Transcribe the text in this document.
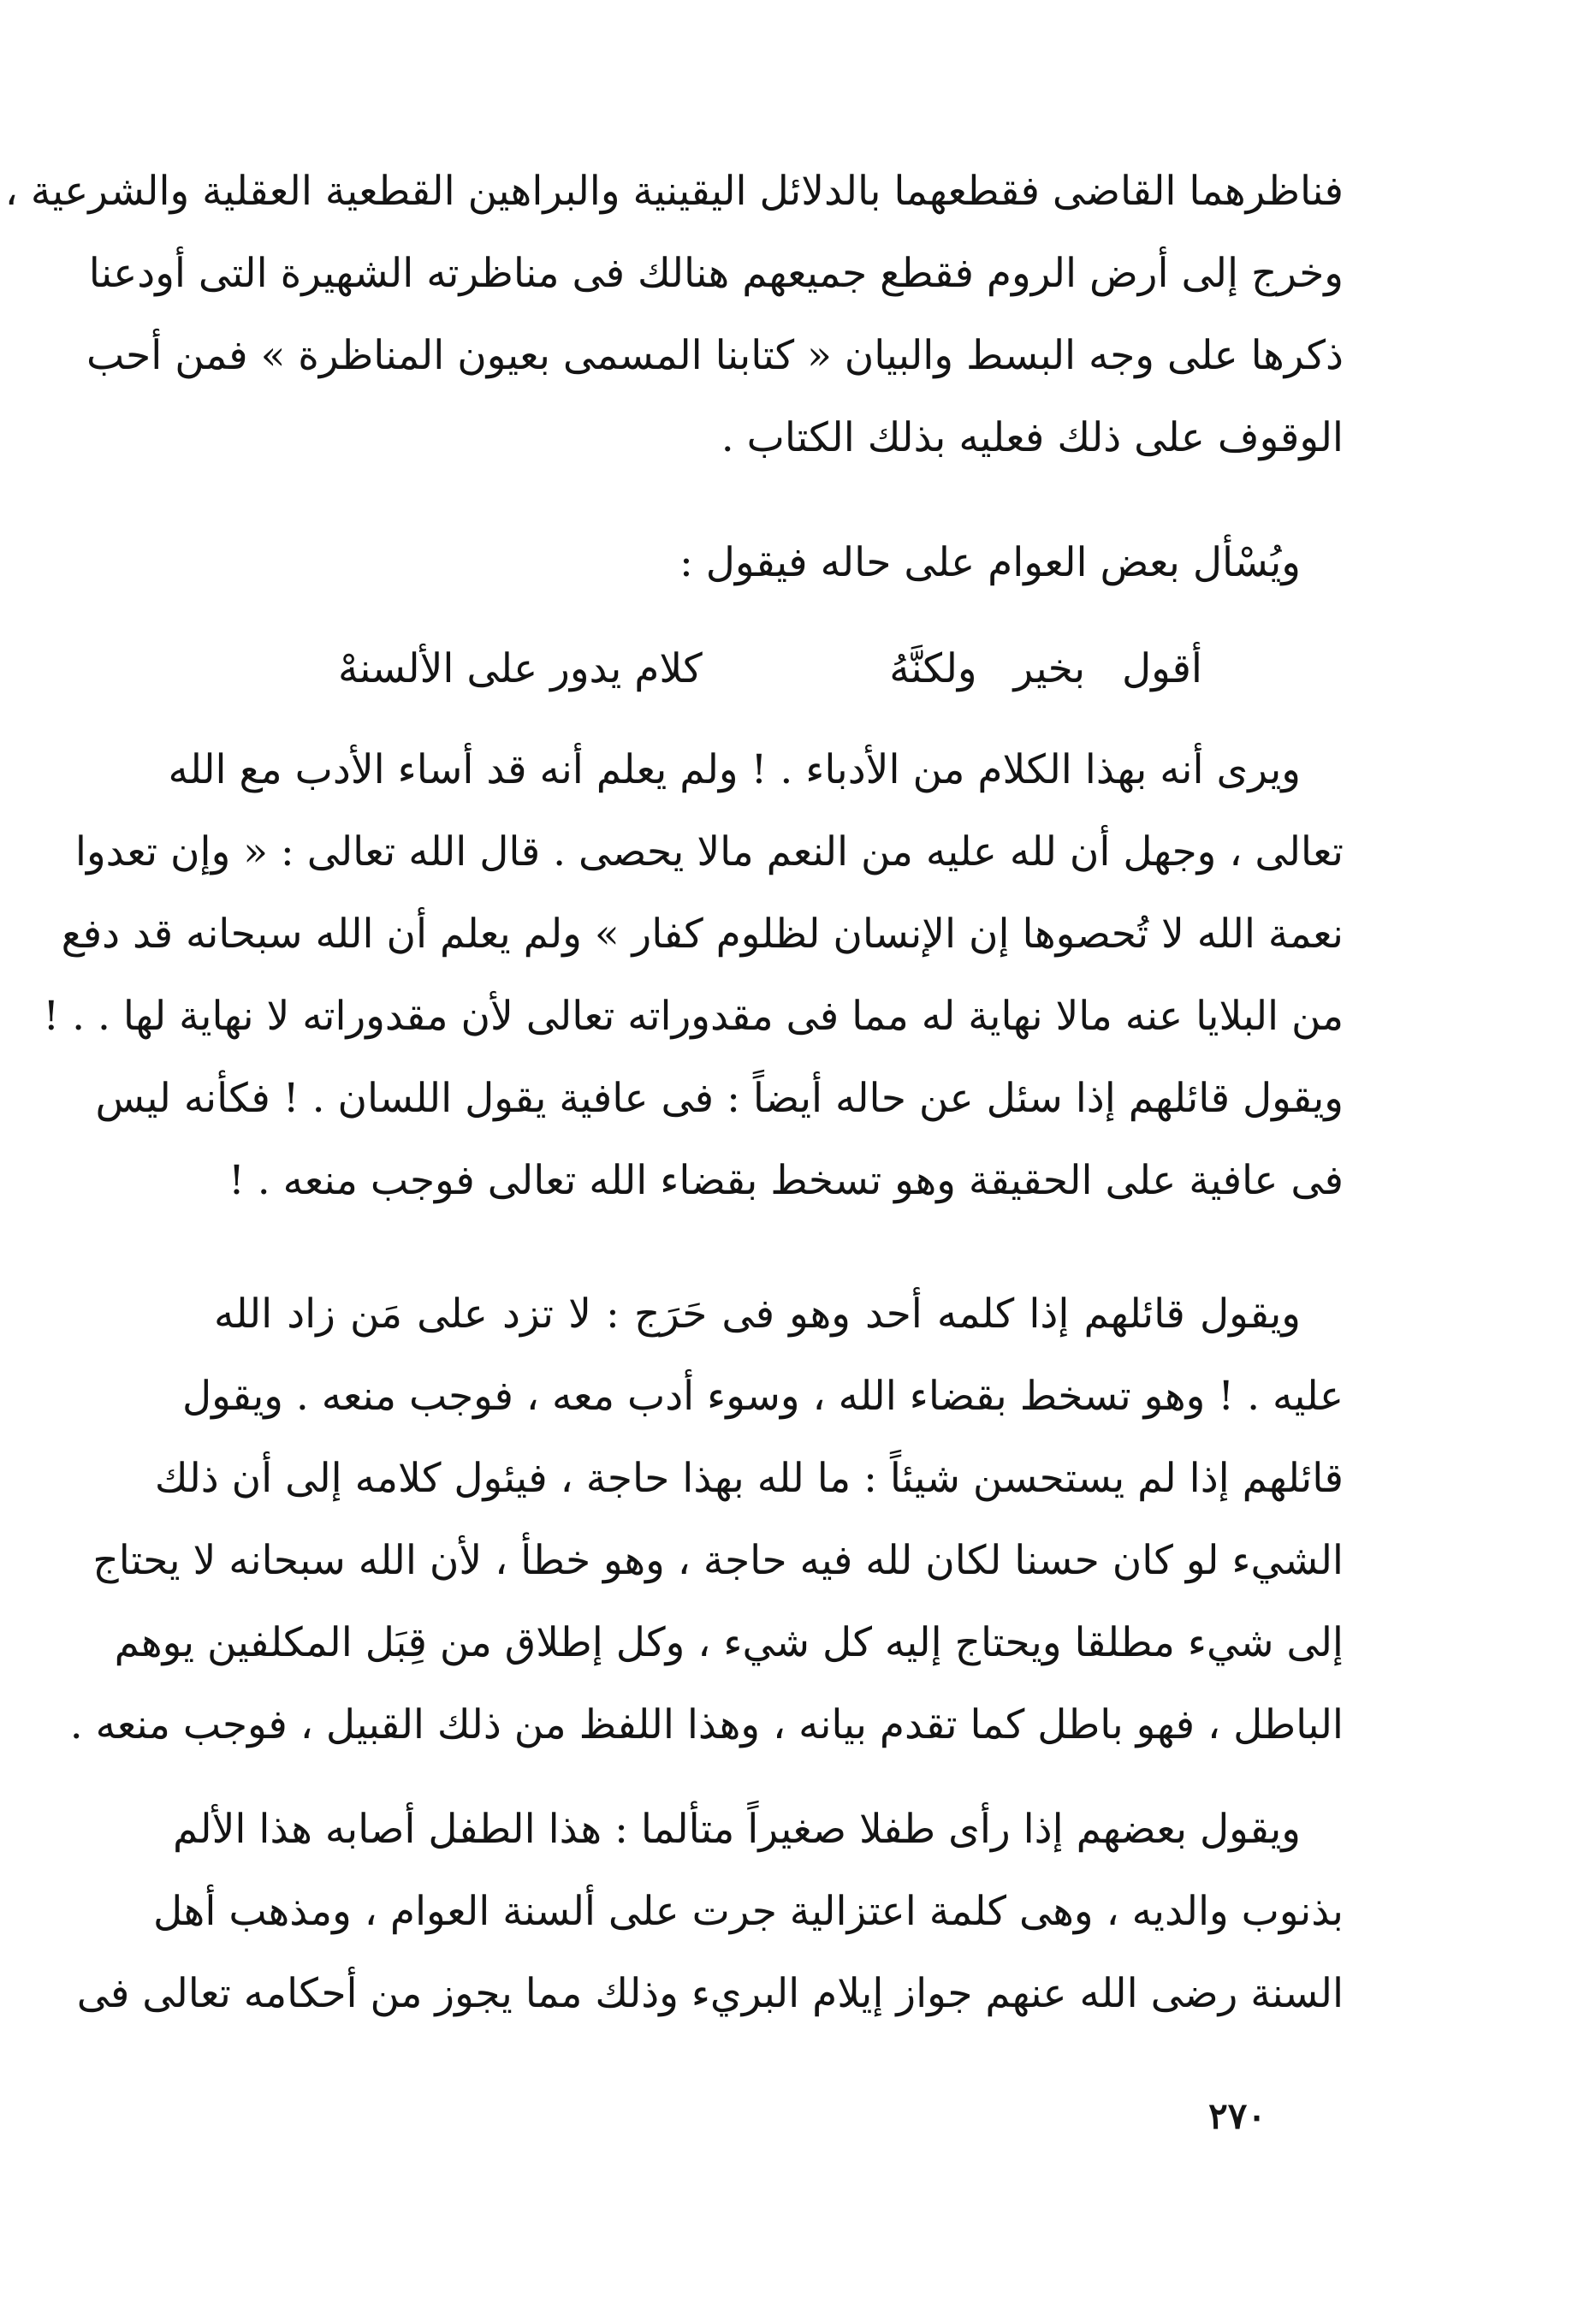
فناظرهما القاضى فقطعهما بالدلائل اليقينية والبراهين القطعية العقلية والشرعية ،
وخرج إلى أرض الروم فقطع جميعهم هنالك فى مناظرته الشهيرة التى أودعنا
ذكرها على وجه البسط والبيان « كتابنا المسمى بعيون المناظرة » فمن أحب
الوقوف على ذلك فعليه بذلك الكتاب .
ويُسْأل بعض العوام على حاله فيقول :
أقول بخير ولكنَّهُ
كلام يدور على الألسنهْ
ويرى أنه بهذا الكلام من الأدباء . ! ولم يعلم أنه قد أساء الأدب مع الله
تعالى ، وجهل أن لله عليه من النعم مالا يحصى . قال الله تعالى : « وإن تعدوا
نعمة الله لا تُحصوها إن الإنسان لظلوم كفار » ولم يعلم أن الله سبحانه قد دفع
من البلايا عنه مالا نهاية له مما فى مقدوراته تعالى لأن مقدوراته لا نهاية لها . . !
ويقول قائلهم إذا سئل عن حاله أيضاً : فى عافية يقول اللسان . ! فكأنه ليس
فى عافية على الحقيقة وهو تسخط بقضاء الله تعالى فوجب منعه . !
ويقول قائلهم إذا كلمه أحد وهو فى حَرَج : لا تزد على مَن زاد الله
عليه . ! وهو تسخط بقضاء الله ، وسوء أدب معه ، فوجب منعه . ويقول
قائلهم إذا لم يستحسن شيئاً : ما لله بهذا حاجة ، فيئول كلامه إلى أن ذلك
الشيء لو كان حسنا لكان لله فيه حاجة ، وهو خطأ ، لأن الله سبحانه لا يحتاج
إلى شيء مطلقا ويحتاج إليه كل شيء ، وكل إطلاق من قِبَل المكلفين يوهم
الباطل ، فهو باطل كما تقدم بيانه ، وهذا اللفظ من ذلك القبيل ، فوجب منعه .
ويقول بعضهم إذا رأى طفلا صغيراً متألما : هذا الطفل أصابه هذا الألم
بذنوب والديه ، وهى كلمة اعتزالية جرت على ألسنة العوام ، ومذهب أهل
السنة رضى الله عنهم جواز إيلام البريء وذلك مما يجوز من أحكامه تعالى فى
٢٧٠
